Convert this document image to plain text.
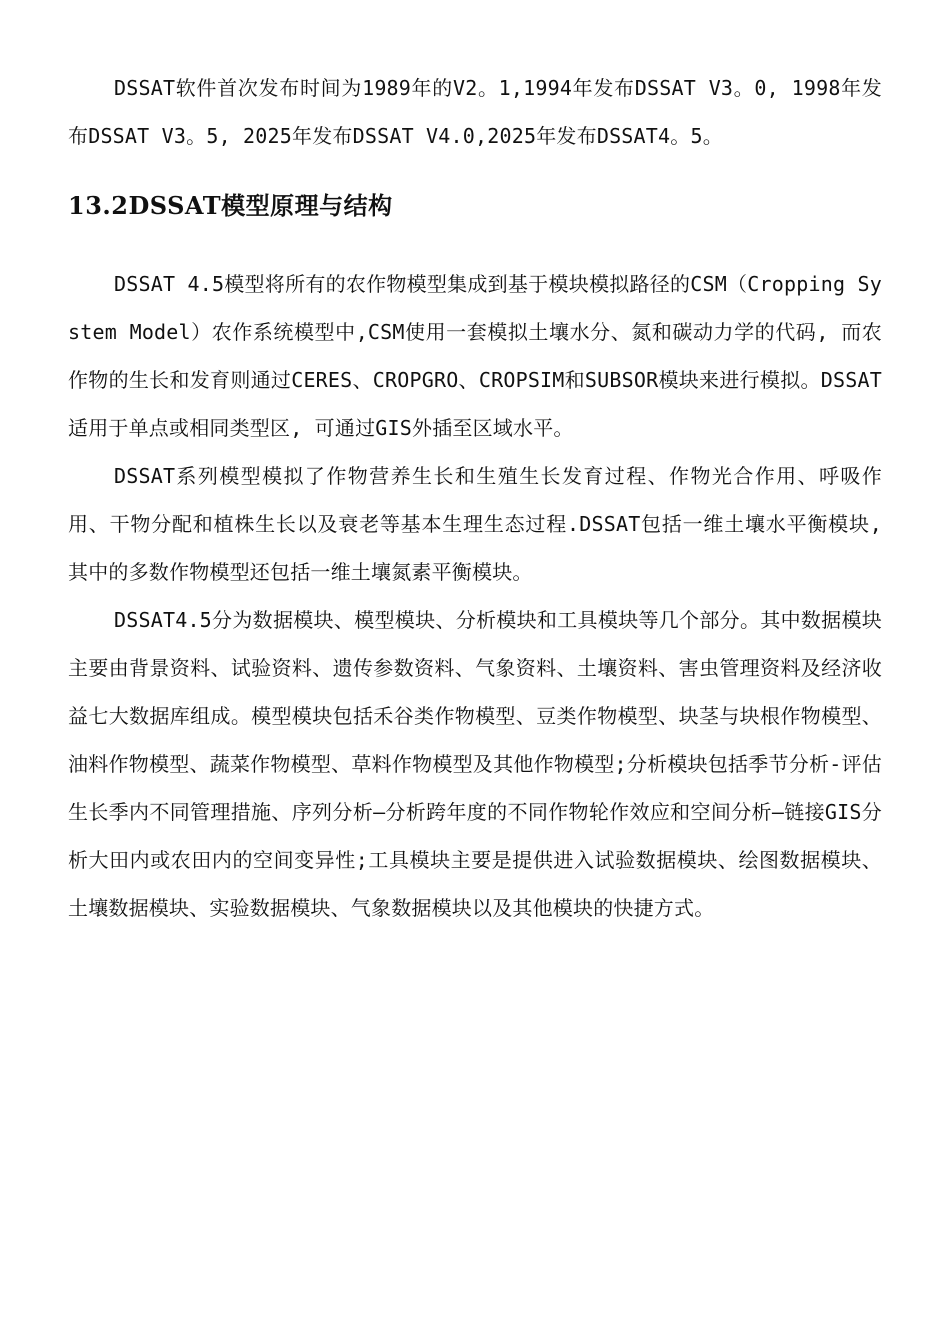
DSSAT软件首次发布时间为1989年的V2。1,1994年发布DSSAT V3。0, 1998年发布DSSAT V3。5, 2025年发布DSSAT V4.0,2025年发布DSSAT4。5。

13.2DSSAT模型原理与结构

DSSAT 4.5模型将所有的农作物模型集成到基于模块模拟路径的CSM（Cropping System Model）农作系统模型中,CSM使用一套模拟土壤水分、氮和碳动力学的代码, 而农作物的生长和发育则通过CERES、CROPGRO、CROPSIM和SUBSOR模块来进行模拟。DSSAT适用于单点或相同类型区, 可通过GIS外插至区域水平。

DSSAT系列模型模拟了作物营养生长和生殖生长发育过程、作物光合作用、呼吸作用、干物分配和植株生长以及衰老等基本生理生态过程.DSSAT包括一维土壤水平衡模块, 其中的多数作物模型还包括一维土壤氮素平衡模块。

DSSAT4.5分为数据模块、模型模块、分析模块和工具模块等几个部分。其中数据模块主要由背景资料、试验资料、遗传参数资料、气象资料、土壤资料、害虫管理资料及经济收益七大数据库组成。模型模块包括禾谷类作物模型、豆类作物模型、块茎与块根作物模型、油料作物模型、蔬菜作物模型、草料作物模型及其他作物模型;分析模块包括季节分析-评估生长季内不同管理措施、序列分析—分析跨年度的不同作物轮作效应和空间分析—链接GIS分析大田内或农田内的空间变异性;工具模块主要是提供进入试验数据模块、绘图数据模块、土壤数据模块、实验数据模块、气象数据模块以及其他模块的快捷方式。
